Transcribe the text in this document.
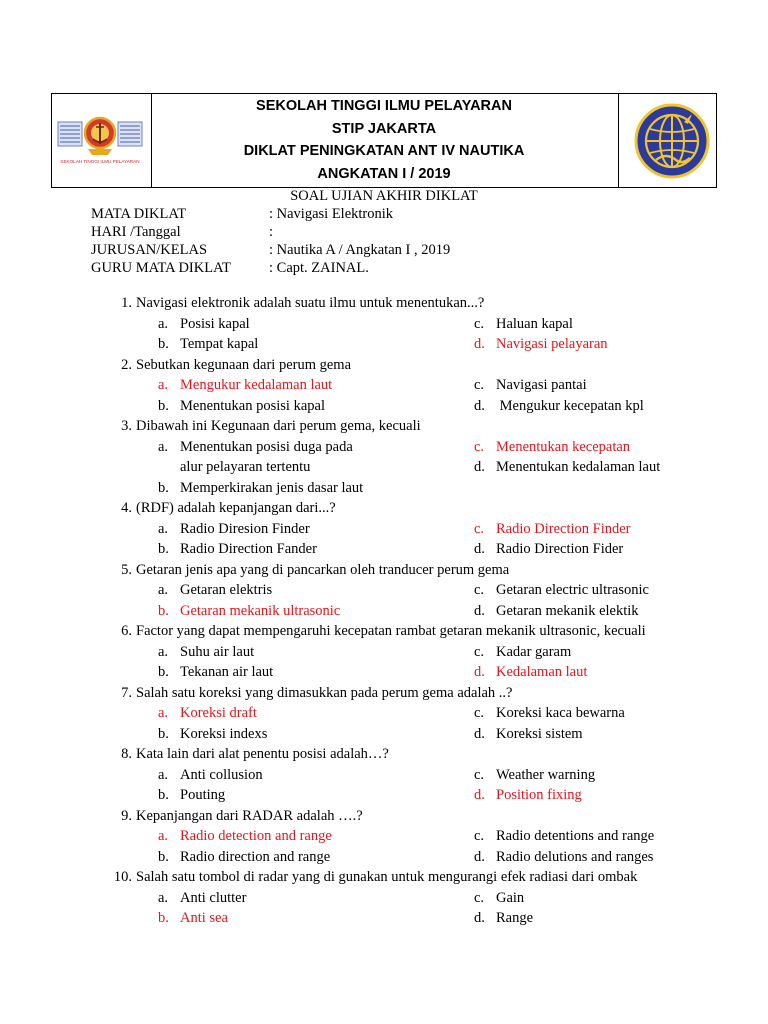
SEKOLAH TINGGI ILMU PELAYARAN
SEKOLAH TINGGI ILMU PELAYARAN
STIP JAKARTA
DIKLAT PENINGKATAN ANT IV NAUTIKA
ANGKATAN I / 2019
SOAL UJIAN AKHIR DIKLAT
MATA DIKLAT	: Navigasi Elektronik
HARI /Tanggal	:
JURUSAN/KELAS	: Nautika A / Angkatan I , 2019
GURU MATA DIKLAT	: Capt. ZAINAL.
1. Navigasi elektronik adalah suatu ilmu untuk menentukan...?
a. Posisi kapal	c. Haluan kapal
b. Tempat kapal	d. Navigasi pelayaran
2. Sebutkan kegunaan dari perum gema
a. Mengukur kedalaman laut	c. Navigasi pantai
b. Menentukan posisi kapal	d. Mengukur kecepatan kpl
3. Dibawah ini Kegunaan dari perum gema, kecuali
a. Menentukan posisi duga pada	c. Menentukan kecepatan
alur pelayaran tertentu	d. Menentukan kedalaman laut
b. Memperkirakan jenis dasar laut
4. (RDF) adalah kepanjangan dari...?
a. Radio Diresion Finder	c. Radio Direction Finder
b. Radio Direction Fander	d. Radio Direction Fider
5. Getaran jenis apa yang di pancarkan oleh tranducer perum gema
a. Getaran elektris	c. Getaran electric ultrasonic
b. Getaran mekanik ultrasonic	d. Getaran mekanik elektik
6. Factor yang dapat mempengaruhi kecepatan rambat getaran mekanik ultrasonic, kecuali
a. Suhu air laut	c. Kadar garam
b. Tekanan air laut	d. Kedalaman laut
7. Salah satu koreksi yang dimasukkan pada perum gema adalah ..?
a. Koreksi draft	c. Koreksi kaca bewarna
b. Koreksi indexs	d. Koreksi sistem
8. Kata lain dari alat penentu posisi adalah…?
a. Anti collusion	c. Weather warning
b. Pouting	d. Position fixing
9. Kepanjangan dari RADAR adalah ….?
a. Radio detection and range	c. Radio detentions and range
b. Radio direction and range	d. Radio delutions and ranges
10. Salah satu tombol di radar yang di gunakan untuk mengurangi efek radiasi dari ombak
a. Anti clutter	c. Gain
b. Anti sea	d. Range
